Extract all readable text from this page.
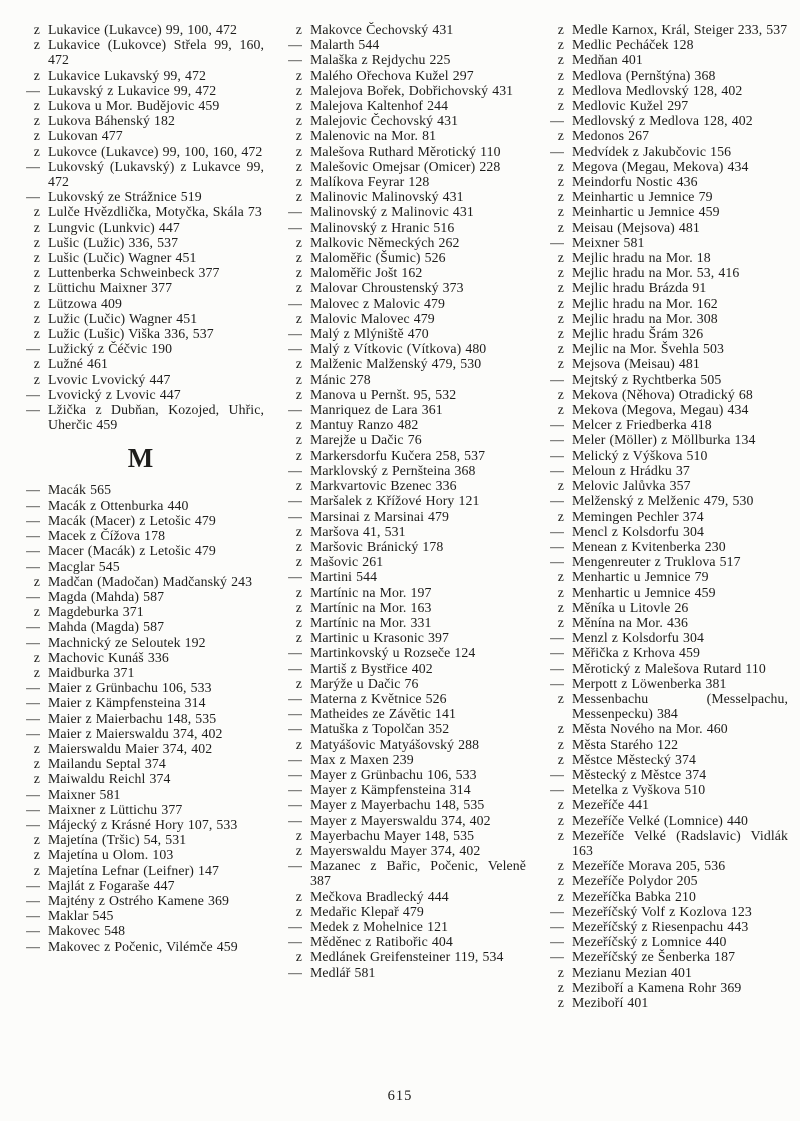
z Lukavice (Lukavce) 99, 100, 472
z Lukavice (Lukovce) Střela 99, 160, 472
z Lukavice Lukavský 99, 472
— Lukavský z Lukavice 99, 472
z Lukova u Mor. Budějovic 459
z Lukova Báhenský 182
z Lukovan 477
z Lukovce (Lukavce) 99, 100, 160, 472
— Lukovský (Lukavský) z Lukavce 99, 472
— Lukovský ze Strážnice 519
z Lulče Hvězdlička, Motyčka, Skála 73
z Lungvic (Lunkvic) 447
z Lušic (Lužic) 336, 537
z Lušic (Lučic) Wagner 451
z Luttenberka Schweinbeck 377
z Lüttichu Maixner 377
z Lützowa 409
z Lužic (Lučic) Wagner 451
z Lužic (Lušic) Viška 336, 537
— Lužický z Čéčvic 190
z Lužné 461
z Lvovic Lvovický 447
— Lvovický z Lvovic 447
— Lžička z Dubňan, Kozojed, Uhřic, Uherčic 459
M
— Macák 565
— Macák z Ottenburka 440
— Macák (Macer) z Letošic 479
— Macek z Čížova 178
— Macer (Macák) z Letošic 479
— Macglar 545
z Madčan (Madočan) Madčanský 243
— Magda (Mahda) 587
z Magdeburka 371
— Mahda (Magda) 587
— Machnický ze Seloutek 192
z Machovic Kunáš 336
z Maidburka 371
— Maier z Grünbachu 106, 533
— Maier z Kämpfensteina 314
— Maier z Maierbachu 148, 535
— Maier z Maierswaldu 374, 402
z Maierswaldu Maier 374, 402
z Mailandu Septal 374
z Maiwaldu Reichl 374
— Maixner 581
— Maixner z Lüttichu 377
— Májecký z Krásné Hory 107, 533
z Majetína (Tršic) 54, 531
z Majetína u Olom. 103
z Majetína Lefnar (Leifner) 147
— Majlát z Fogaraše 447
— Majtény z Ostrého Kamene 369
— Maklar 545
— Makovec 548
— Makovec z Počenic, Vilémče 459
z Makovce Čechovský 431
— Malarth 544
— Malaška z Rejdychu 225
z Malého Ořechova Kužel 297
z Malejova Bořek, Dobřichovský 431
z Malejova Kaltenhof 244
z Malejovic Čechovský 431
z Malenovic na Mor. 81
z Malešova Ruthard Měrotický 110
z Malešovic Omejsar (Omicer) 228
z Malíkova Feyrar 128
z Malinovic Malinovský 431
— Malinovský z Malinovic 431
— Malinovský z Hranic 516
z Malkovic Německých 262
z Maloměřic (Šumic) 526
z Maloměřic Jošt 162
z Malovar Chroustenský 373
— Malovec z Malovic 479
z Malovic Malovec 479
— Malý z Mlýniště 470
— Malý z Vítkovic (Vítkova) 480
z Malženic Malženský 479, 530
z Mánic 278
z Manova u Pernšt. 95, 532
— Manriquez de Lara 361
z Mantuy Ranzo 482
z Marejže u Dačic 76
z Markersdorfu Kučera 258, 537
— Marklovský z Pernšteina 368
z Markvartovic Bzenec 336
— Maršalek z Křížové Hory 121
— Marsinai z Marsinai 479
z Maršova 41, 531
z Maršovic Bránický 178
z Mašovic 261
— Martini 544
z Martínic na Mor. 197
z Martínic na Mor. 163
z Martínic na Mor. 331
z Martinic u Krasonic 397
— Martinkovský u Rozseče 124
— Martiš z Bystřice 402
z Marýže u Dačic 76
— Materna z Květnice 526
— Matheides ze Závětic 141
— Matuška z Topolčan 352
z Matyášovic Matyášovský 288
— Max z Maxen 239
— Mayer z Grünbachu 106, 533
— Mayer z Kämpfensteina 314
— Mayer z Mayerbachu 148, 535
— Mayer z Mayerswaldu 374, 402
z Mayerbachu Mayer 148, 535
z Mayerswaldu Mayer 374, 402
— Mazanec z Bařic, Počenic, Veleně 387
z Mečkova Bradlecký 444
z Medařic Klepař 479
— Medek z Mohelnice 121
— Měděnec z Ratibořic 404
z Medlánek Greifensteiner 119, 534
— Medlář 581
z Medle Karnox, Král, Steiger 233, 537
z Medlic Pecháček 128
z Medňan 401
z Medlova (Pernštýna) 368
z Medlova Medlovský 128, 402
z Medlovic Kužel 297
— Medlovský z Medlova 128, 402
z Medonos 267
— Medvídek z Jakubčovic 156
z Megova (Megau, Mekova) 434
z Meindorfu Nostic 436
z Meinhartic u Jemnice 79
z Meinhartic u Jemnice 459
z Meisau (Mejsova) 481
— Meixner 581
z Mejlic hradu na Mor. 18
z Mejlic hradu na Mor. 53, 416
z Mejlic hradu Brázda 91
z Mejlic hradu na Mor. 162
z Mejlic hradu na Mor. 308
z Mejlic hradu Šrám 326
z Mejlic na Mor. Švehla 503
z Mejsova (Meisau) 481
— Mejtský z Rychtberka 505
z Mekova (Něhova) Otradický 68
z Mekova (Megova, Megau) 434
— Melcer z Friedberka 418
— Meler (Möller) z Möllburka 134
— Melický z Výškova 510
— Meloun z Hrádku 37
z Melovic Jalůvka 357
— Melženský z Melženic 479, 530
z Memingen Pechler 374
— Mencl z Kolsdorfu 304
— Menean z Kvitenberka 230
— Mengenreuter z Truklova 517
z Menhartic u Jemnice 79
z Menhartic u Jemnice 459
z Měníka u Litovle 26
z Měnína na Mor. 436
— Menzl z Kolsdorfu 304
— Měřička z Krhova 459
— Měrotický z Malešova Rutard 110
— Merpott z Löwenberka 381
z Messenbachu (Messelpachu, Messenpecku) 384
z Města Nového na Mor. 460
z Města Starého 122
z Městce Městecký 374
— Městecký z Městce 374
— Metelka z Vyškova 510
z Mezeříče 441
z Mezeříče Velké (Lomnice) 440
z Mezeříče Velké (Radslavic) Vidlák 163
z Mezeříče Morava 205, 536
z Mezeříče Polydor 205
z Mezeříčka Babka 210
— Mezeříčský Volf z Kozlova 123
— Mezeříčský z Riesenpachu 443
— Mezeříčský z Lomnice 440
— Mezeříčský ze Šenberka 187
z Mezianu Mezian 401
z Meziboří a Kamena Rohr 369
z Meziboří 401
615
